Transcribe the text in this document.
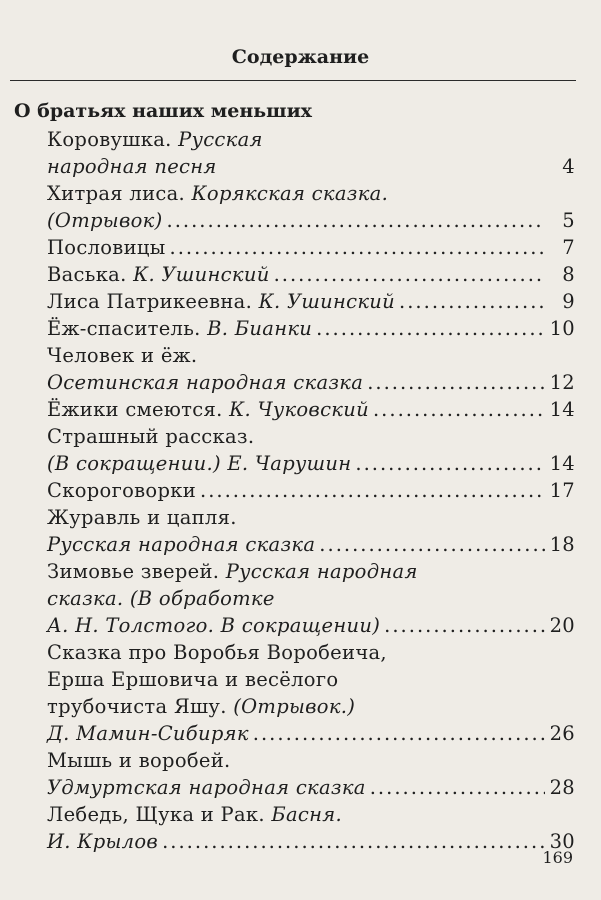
Содержание
О братьях наших меньших
Коровушка. Русская
народная песня	4
Хитрая лиса. Корякская сказка.
(Отрывок) .....	5
Пословицы .....	7
Васька. К. Ушинский .....	8
Лиса Патрикеевна. К. Ушинский .....	9
Ёж-спаситель. В. Бианки .....	10
Человек и ёж.
Осетинская народная сказка .....	12
Ёжики смеются. К. Чуковский .....	14
Страшный рассказ.
(В сокращении.) Е. Чарушин .....	14
Скороговорки .....	17
Журавль и цапля.
Русская народная сказка .....	18
Зимовье зверей. Русская народная
сказка. (В обработке
А. Н. Толстого. В сокращении) .....	20
Сказка про Воробья Воробеича,
Ерша Ершовича и весёлого
трубочиста Яшу. (Отрывок.)
Д. Мамин-Сибиряк .....	26
Мышь и воробей.
Удмуртская народная сказка .....	28
Лебедь, Щука и Рак. Басня.
И. Крылов .....	30
169
